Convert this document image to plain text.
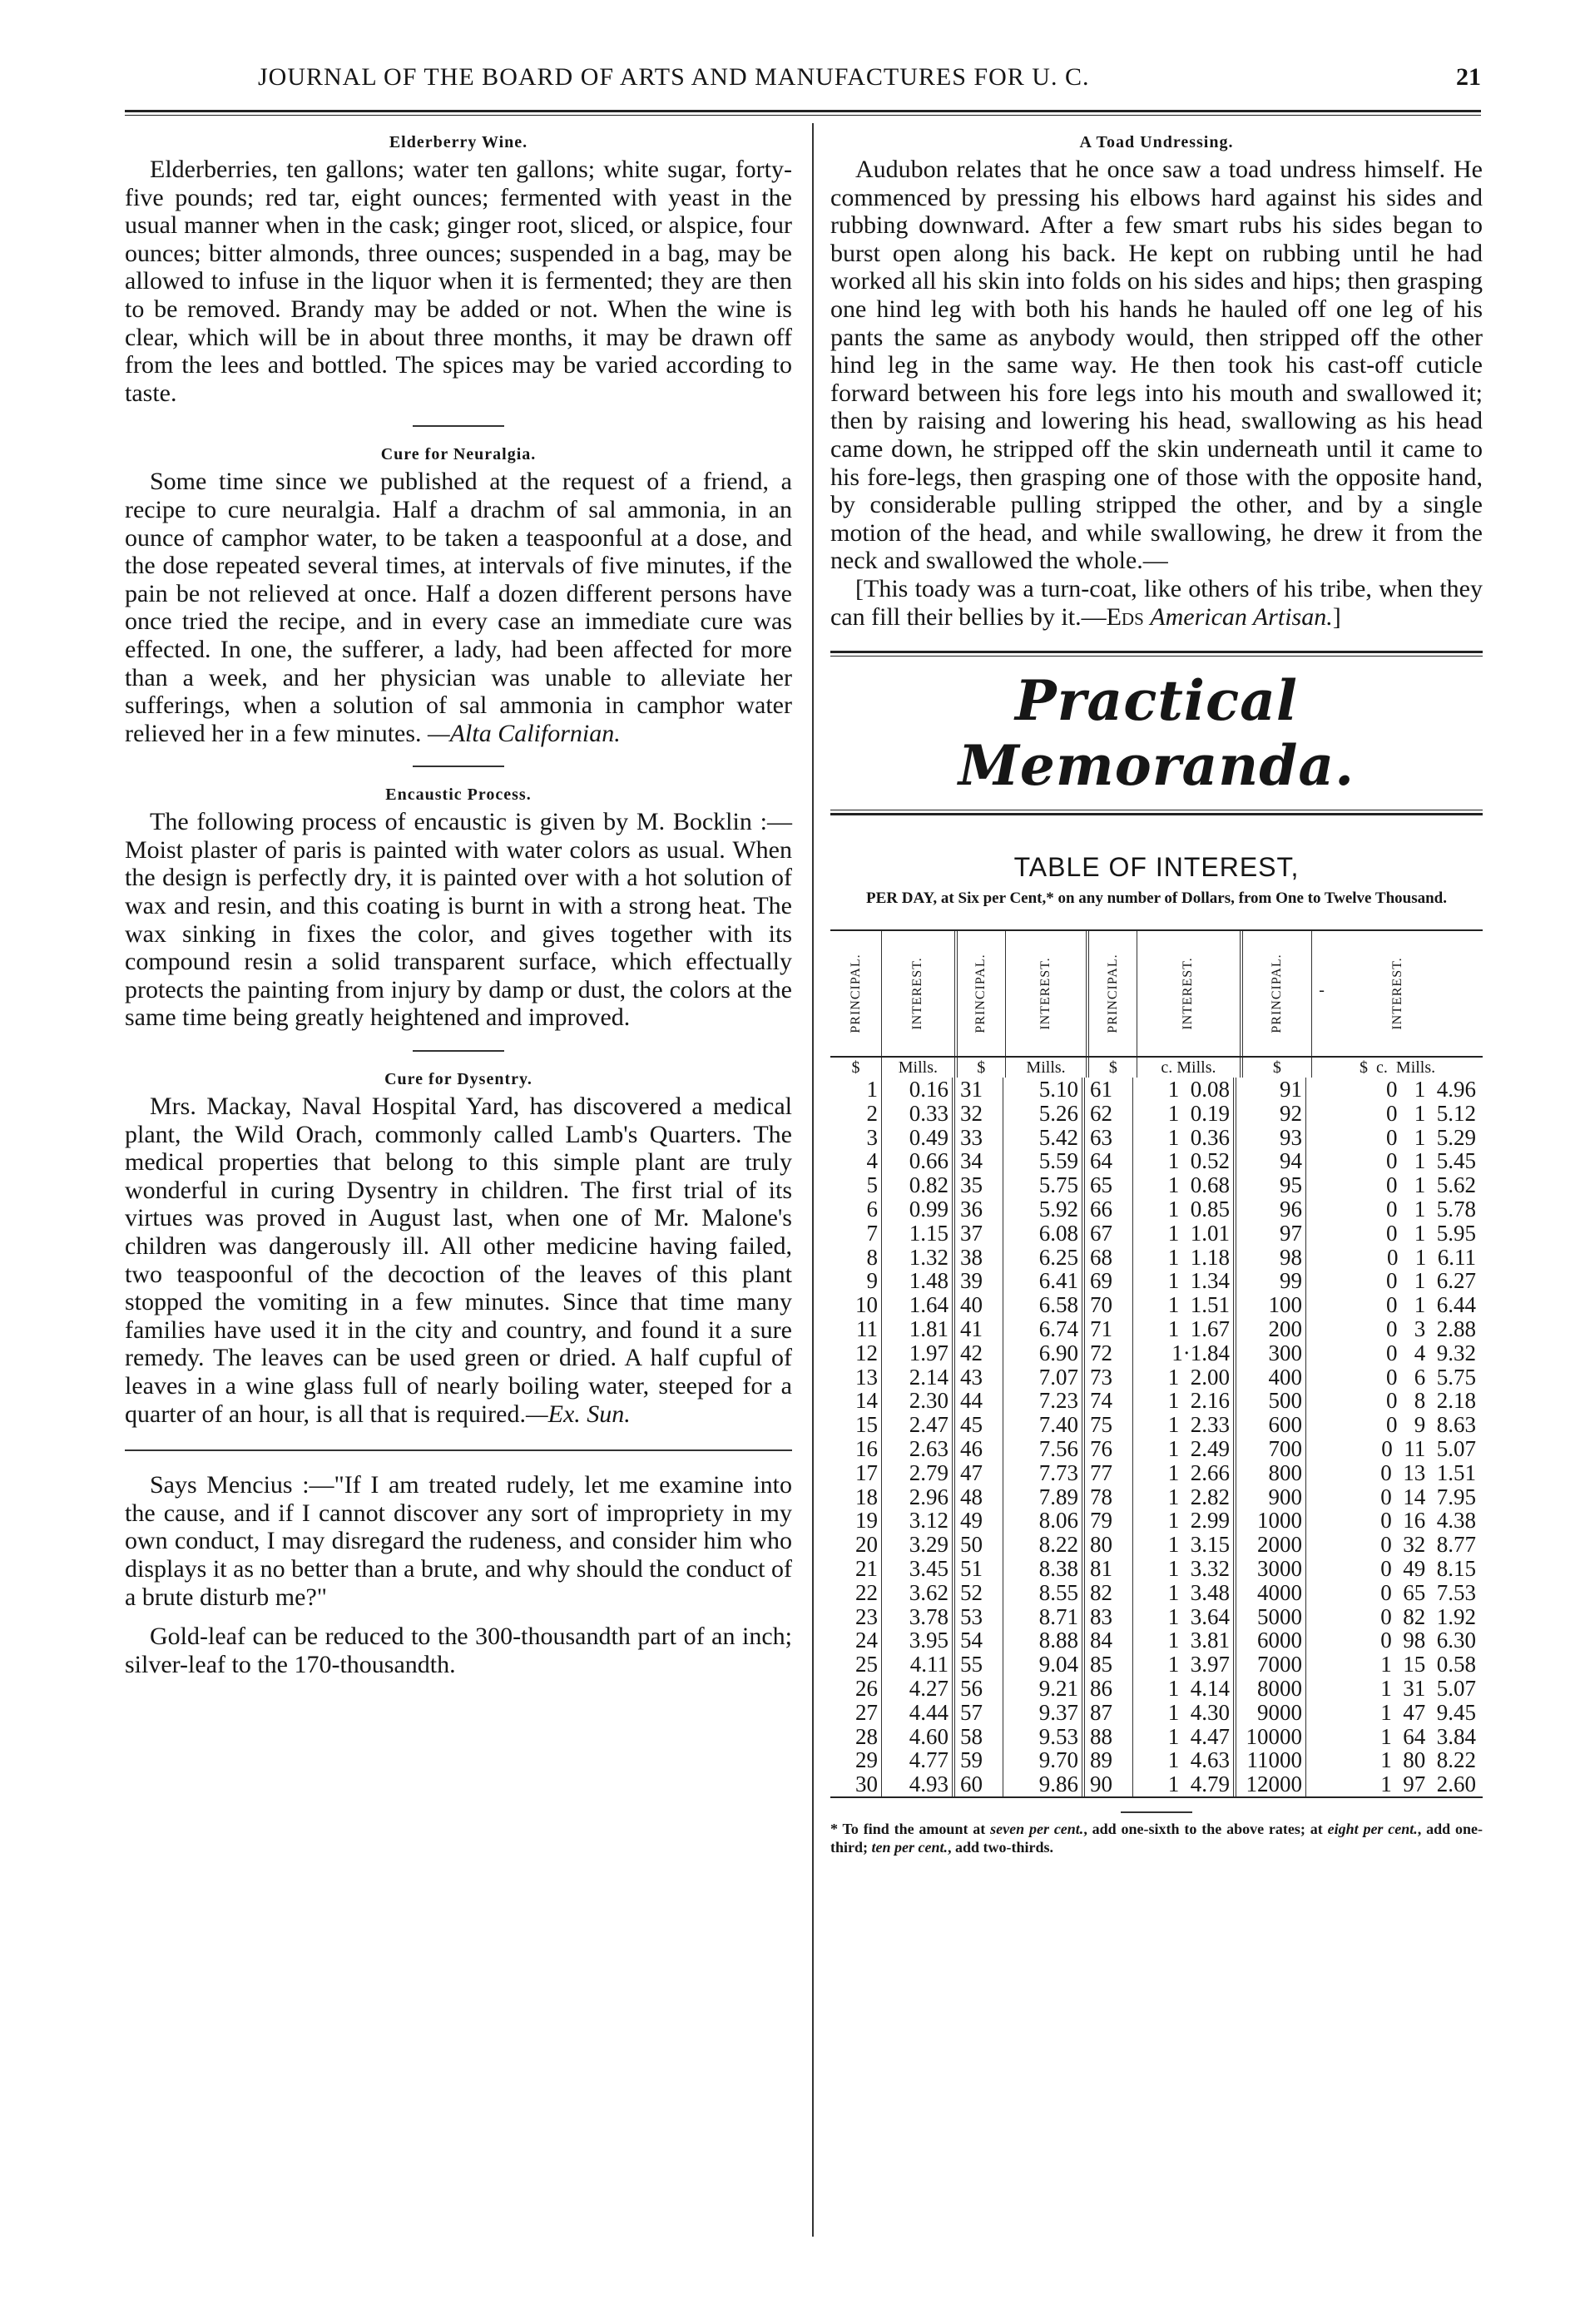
JOURNAL OF THE BOARD OF ARTS AND MANUFACTURES FOR U. C.	21
Elderberry Wine.

Elderberries, ten gallons; water ten gallons; white sugar, forty-five pounds; red tar, eight ounces; fermented with yeast in the usual manner when in the cask; ginger root, sliced, or alspice, four ounces; bitter almonds, three ounces; suspended in a bag, may be allowed to infuse in the liquor when it is fermented; they are then to be removed. Brandy may be added or not. When the wine is clear, which will be in about three months, it may be drawn off from the lees and bottled. The spices may be varied according to taste.

Cure for Neuralgia.

Some time since we published at the request of a friend, a recipe to cure neuralgia. Half a drachm of sal ammonia, in an ounce of camphor water, to be taken a teaspoonful at a dose, and the dose repeated several times, at intervals of five minutes, if the pain be not relieved at once. Half a dozen different persons have once tried the recipe, and in every case an immediate cure was effected. In one, the sufferer, a lady, had been affected for more than a week, and her physician was unable to alleviate her sufferings, when a solution of sal ammonia in camphor water relieved her in a few minutes. —Alta Californian.

Encaustic Process.

The following process of encaustic is given by M. Bocklin :—Moist plaster of paris is painted with water colors as usual. When the design is perfectly dry, it is painted over with a hot solution of wax and resin, and this coating is burnt in with a strong heat. The wax sinking in fixes the color, and gives together with its compound resin a solid transparent surface, which effectually protects the painting from injury by damp or dust, the colors at the same time being greatly heightened and improved.

Cure for Dysentry.

Mrs. Mackay, Naval Hospital Yard, has discovered a medical plant, the Wild Orach, commonly called Lamb's Quarters. The medical properties that belong to this simple plant are truly wonderful in curing Dysentry in children. The first trial of its virtues was proved in August last, when one of Mr. Malone's children was dangerously ill. All other medicine having failed, two teaspoonful of the decoction of the leaves of this plant stopped the vomiting in a few minutes. Since that time many families have used it in the city and country, and found it a sure remedy. The leaves can be used green or dried. A half cupful of leaves in a wine glass full of nearly boiling water, steeped for a quarter of an hour, is all that is required.—Ex. Sun.

Says Mencius :—"If I am treated rudely, let me examine into the cause, and if I cannot discover any sort of impropriety in my own conduct, I may disregard the rudeness, and consider him who displays it as no better than a brute, and why should the conduct of a brute disturb me?"

Gold-leaf can be reduced to the 300-thousandth part of an inch; silver-leaf to the 170-thousandth.

A Toad Undressing.

Audubon relates that he once saw a toad undress himself. He commenced by pressing his elbows hard against his sides and rubbing downward. After a few smart rubs his sides began to burst open along his back. He kept on rubbing until he had worked all his skin into folds on his sides and hips; then grasping one hind leg with both his hands he hauled off one leg of his pants the same as anybody would, then stripped off the other hind leg in the same way. He then took his cast-off cuticle forward between his fore legs into his mouth and swallowed it; then by raising and lowering his head, swallowing as his head came down, he stripped off the skin underneath until it came to his fore-legs, then grasping one of those with the opposite hand, by considerable pulling stripped the other, and by a single motion of the head, and while swallowing, he drew it from the neck and swallowed the whole.—

[This toady was a turn-coat, like others of his tribe, when they can fill their bellies by it.—Eds American Artisan.]

Practical Memoranda.
TABLE OF INTEREST,
PER DAY, at Six per Cent,* on any number of Dollars, from One to Twelve Thousand.
PRINCIPAL.	INTEREST.	PRINCIPAL.	INTEREST.	PRINCIPAL.	INTEREST.	PRINCIPAL. -	INTEREST.
$	Mills.	$	Mills.	$	c. Mills.	$	$  c.  Mills.
1	0.16 31	5.10 61	1  0.08	91	0   1  4.96
2	0.33 32	5.26 62	1  0.19	92	0   1  5.12
3	0.49 33	5.42 63	1  0.36	93	0   1  5.29
4	0.66 34	5.59 64	1  0.52	94	0   1  5.45
5	0.82 35	5.75 65	1  0.68	95	0   1  5.62
6	0.99 36	5.92 66	1  0.85	96	0   1  5.78
7	1.15 37	6.08 67	1  1.01	97	0   1  5.95
8	1.32 38	6.25 68	1  1.18	98	0   1  6.11
9	1.48 39	6.41 69	1  1.34	99	0   1  6.27
10	1.64 40	6.58 70	1  1.51	100	0   1  6.44
11	1.81 41	6.74 71	1  1.67	200	0   3  2.88
12	1.97 42	6.90 72	1·1.84	300	0   4  9.32
13	2.14 43	7.07 73	1  2.00	400	0   6  5.75
14	2.30 44	7.23 74	1  2.16	500	0   8  2.18
15	2.47 45	7.40 75	1  2.33	600	0   9  8.63
16	2.63 46	7.56 76	1  2.49	700	0  11  5.07
17	2.79 47	7.73 77	1  2.66	800	0  13  1.51
18	2.96 48	7.89 78	1  2.82	900	0  14  7.95
19	3.12 49	8.06 79	1  2.99	1000	0  16  4.38
20	3.29 50	8.22 80	1  3.15	2000	0  32  8.77
21	3.45 51	8.38 81	1  3.32	3000	0  49  8.15
22	3.62 52	8.55 82	1  3.48	4000	0  65  7.53
23	3.78 53	8.71 83	1  3.64	5000	0  82  1.92
24	3.95 54	8.88 84	1  3.81	6000	0  98  6.30
25	4.11 55	9.04 85	1  3.97	7000	1  15  0.58
26	4.27 56	9.21 86	1  4.14	8000	1  31  5.07
27	4.44 57	9.37 87	1  4.30	9000	1  47  9.45
28	4.60 58	9.53 88	1  4.47 10000	1  64  3.84
29	4.77 59	9.70 89	1  4.63 11000	1  80  8.22
30	4.93 60	9.86 90	1  4.79 12000	1  97  2.60
* To find the amount at seven per cent., add one-sixth to the above rates; at eight per cent., add one-third; ten per cent., add two-thirds.
